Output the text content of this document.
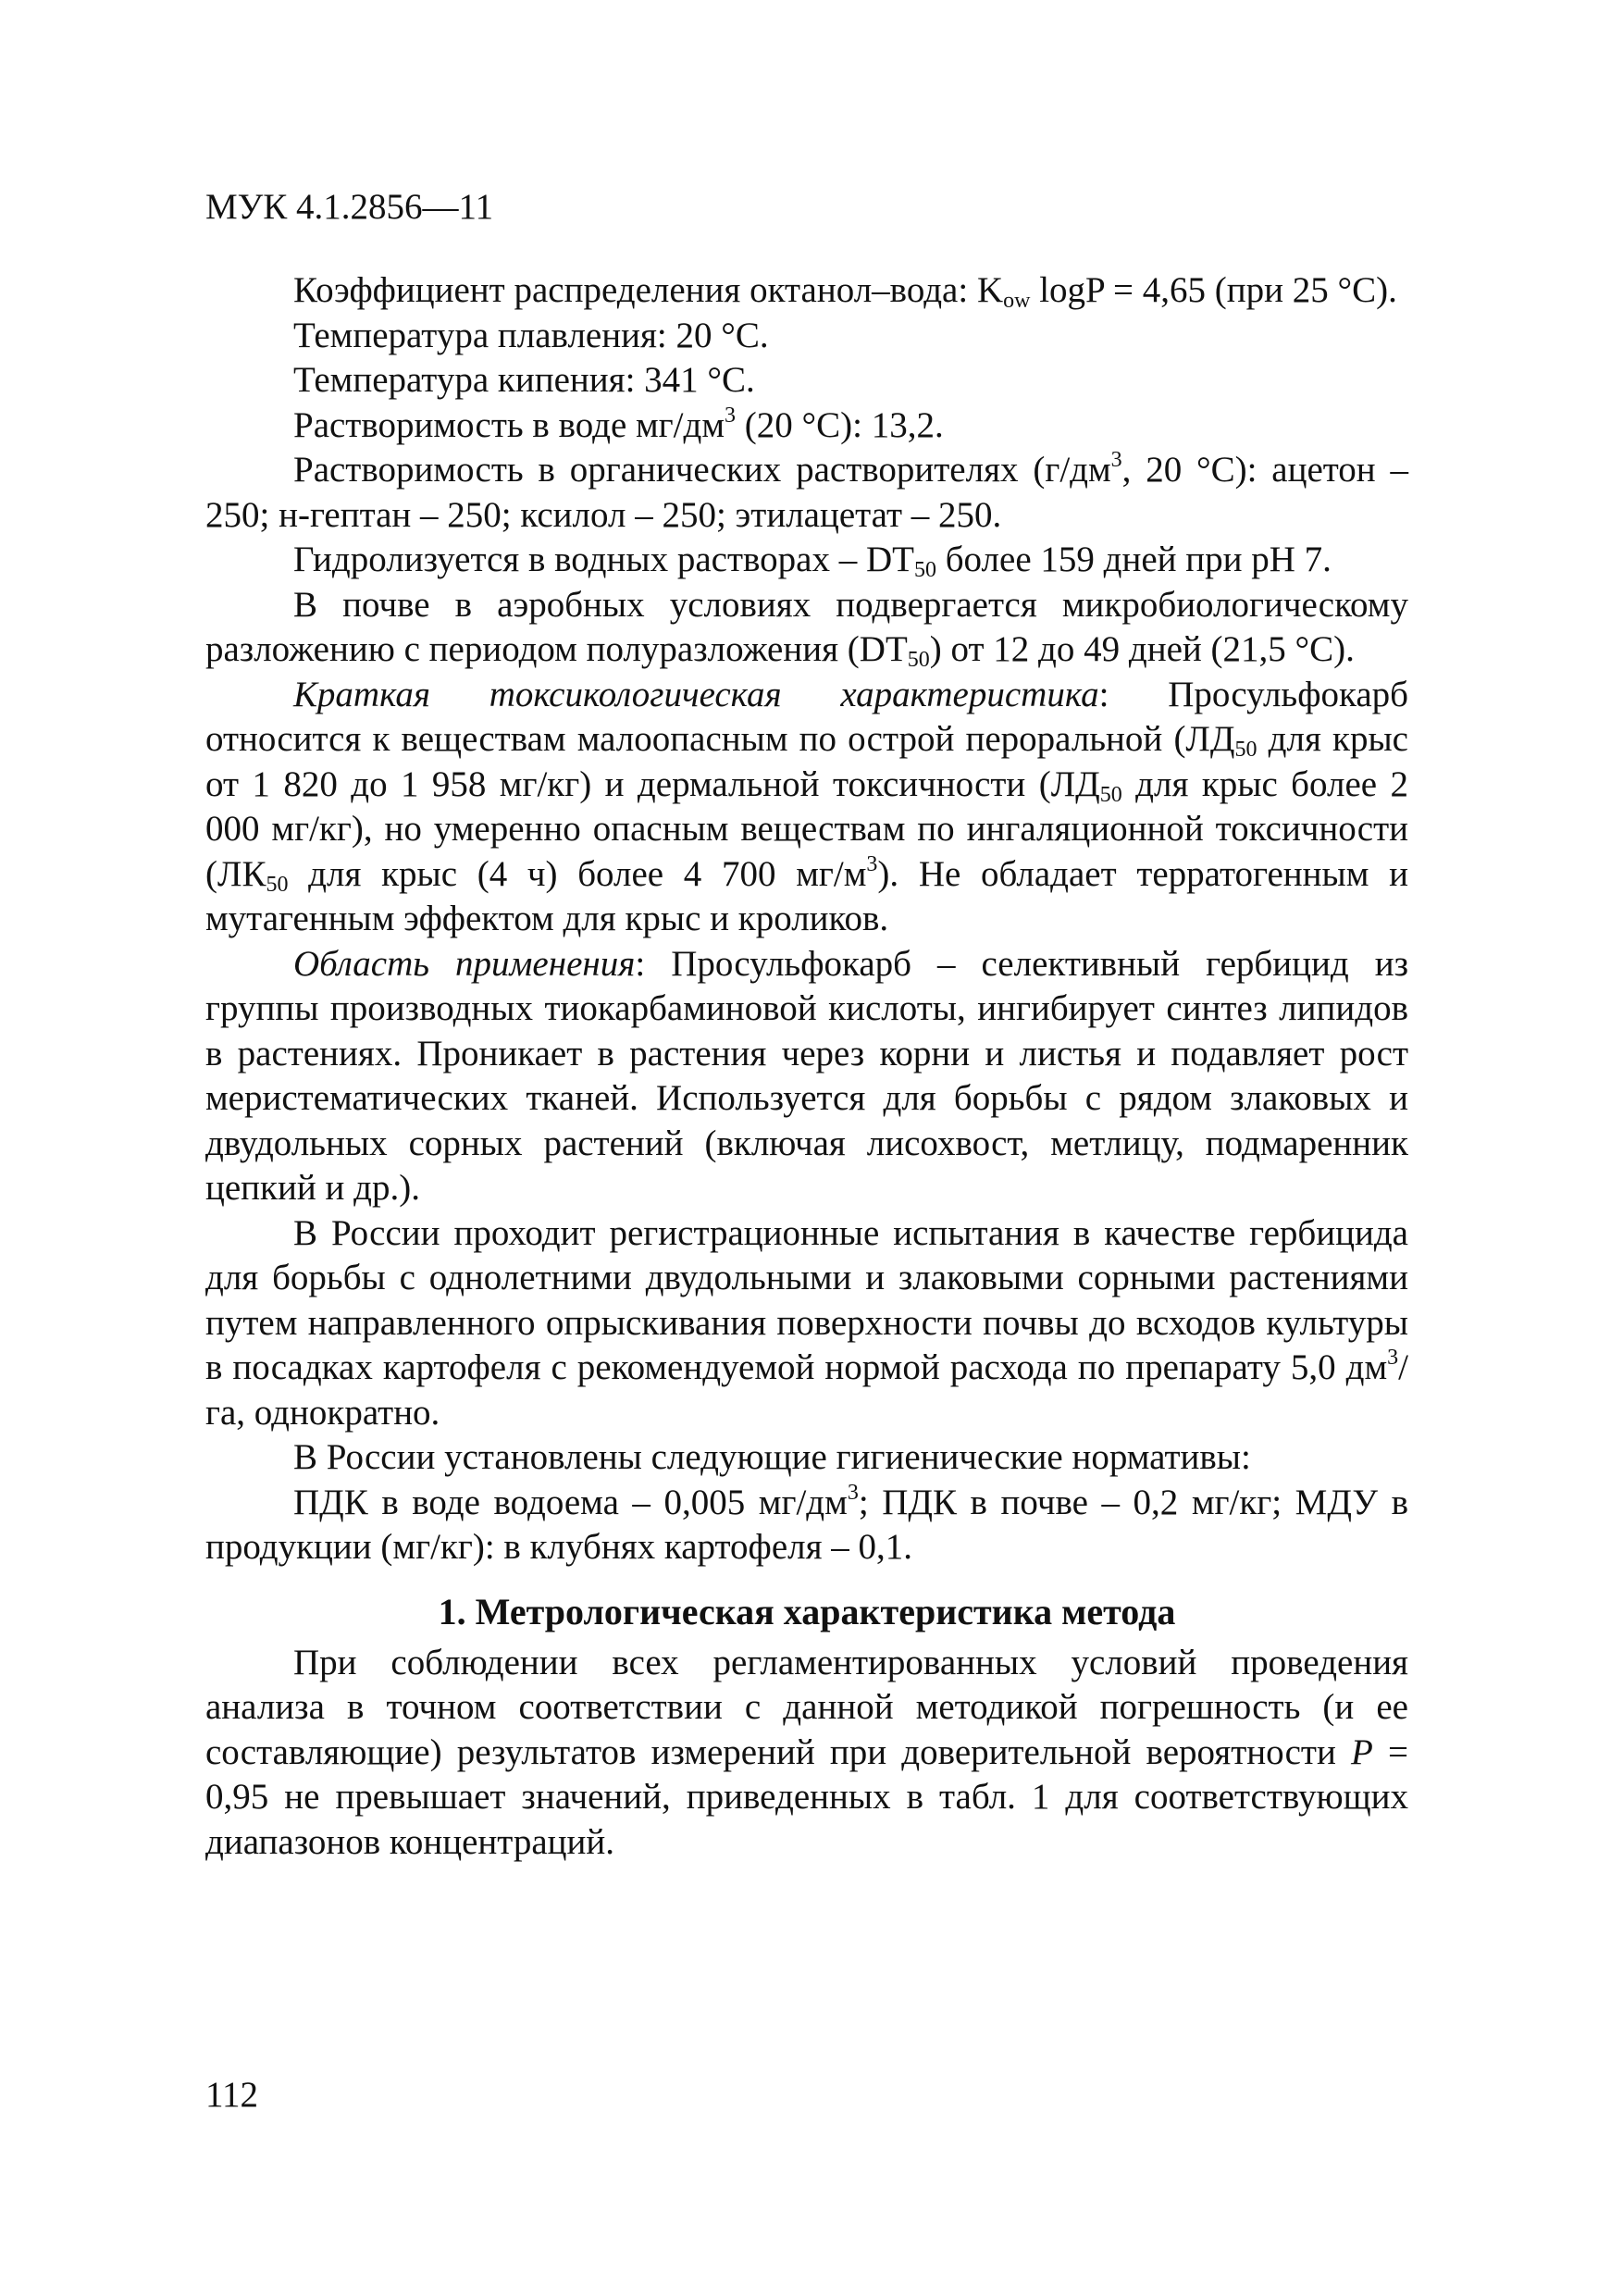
МУК 4.1.2856—11

Коэффициент распределения октанол–вода: $K_{ow}$ logP = 4,65 (при 25 °С).

Температура плавления: 20 °С.

Температура кипения: 341 °С.

Растворимость в воде $мг/дм^3$ (20 °С): 13,2.

Растворимость в органических растворителях ($г/дм^3$, 20 °С): ацетон – 250; н-гептан – 250; ксилол – 250; этилацетат – 250.

Гидролизуется в водных растворах – $DT_{50}$ более 159 дней при pH 7.

В почве в аэробных условиях подвергается микробиологическому разложению с периодом полуразложения $(DT_{50})$ от 12 до 49 дней (21,5 °С).

Краткая токсикологическая характеристика: Просульфокарб относится к веществам малоопасным по острой пероральной ($ЛД_{50}$ для крыс от 1 820 до 1 958 мг/кг) и дермальной токсичности ($ЛД_{50}$ для крыс более 2 000 мг/кг), но умеренно опасным веществам по ингаляционной токсичности ($ЛК_{50}$ для крыс (4 ч) более 4 700 $мг/м^3$). Не обладает терратогенным и мутагенным эффектом для крыс и кроликов.

Область применения: Просульфокарб – селективный гербицид из группы производных тиокарбаминовой кислоты, ингибирует синтез липидов в растениях. Проникает в растения через корни и листья и подавляет рост меристематических тканей. Используется для борьбы с рядом злаковых и двудольных сорных растений (включая лисохвост, метлицу, подмаренник цепкий и др.).

В России проходит регистрационные испытания в качестве гербицида для борьбы с однолетними двудольными и злаковыми сорными растениями путем направленного опрыскивания поверхности почвы до всходов культуры в посадках картофеля с рекомендуемой нормой расхода по препарату 5,0 $дм^3/га$, однократно.

В России установлены следующие гигиенические нормативы:

ПДК в воде водоема – 0,005 $мг/дм^3$; ПДК в почве – 0,2 мг/кг; МДУ в продукции (мг/кг): в клубнях картофеля – 0,1.

1. Метрологическая характеристика метода

При соблюдении всех регламентированных условий проведения анализа в точном соответствии с данной методикой погрешность (и ее составляющие) результатов измерений при доверительной вероятности P = 0,95 не превышает значений, приведенных в табл. 1 для соответствующих диапазонов концентраций.

112
